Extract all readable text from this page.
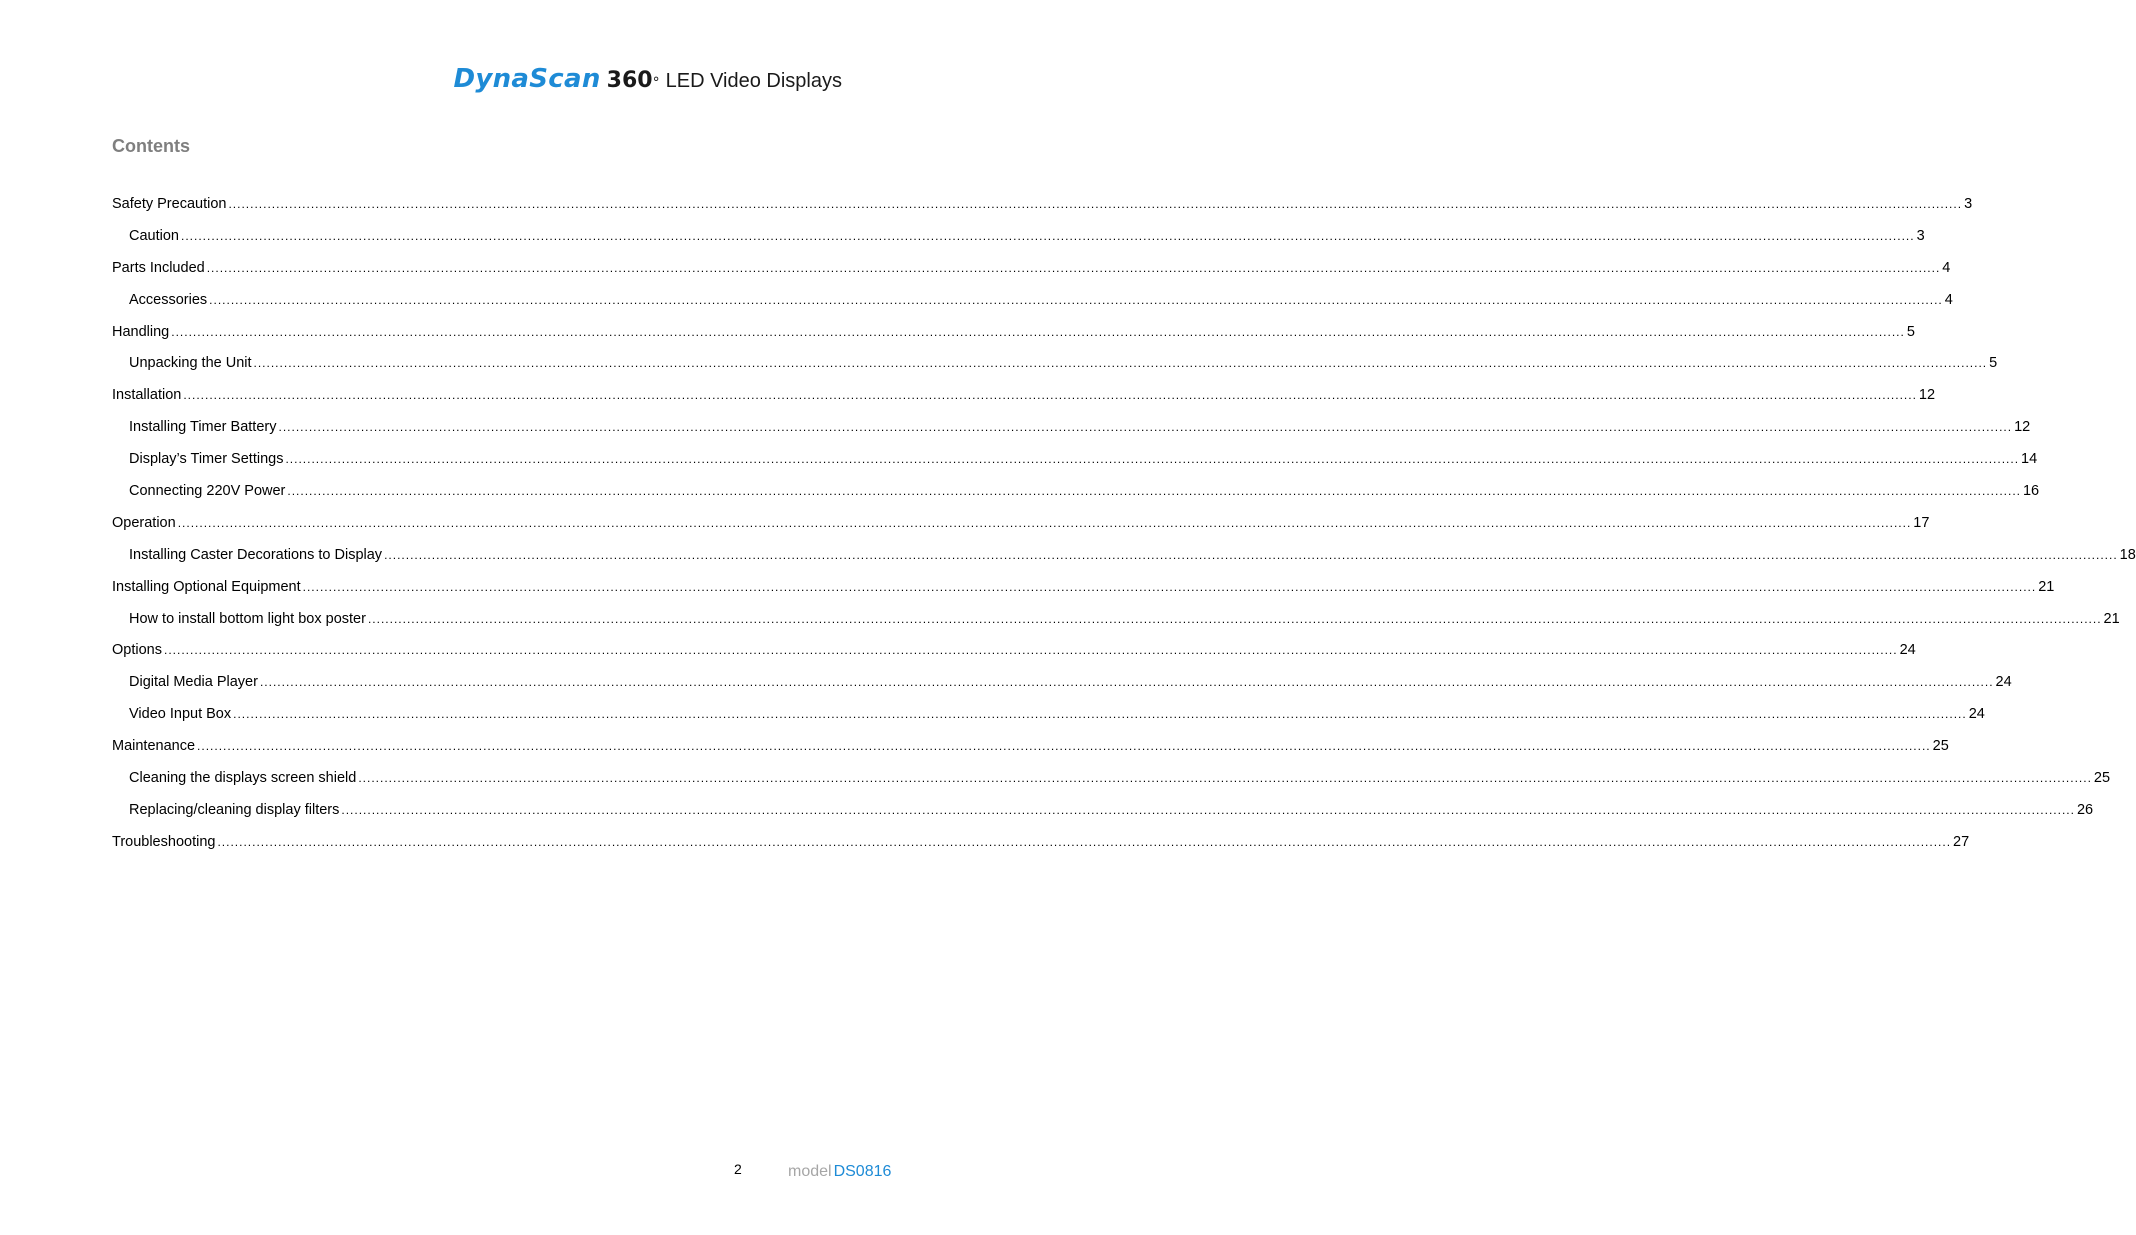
DynaScan 360 ° LED Video Displays
Contents
Safety Precaution ................................................................................................................................................................................................................................................................................................................................................................................................................ 3
Caution ................................................................................................................................................................................................................................................................................................................................................................................................................ 3
Parts Included ................................................................................................................................................................................................................................................................................................................................................................................................................ 4
Accessories ................................................................................................................................................................................................................................................................................................................................................................................................................ 4
Handling ................................................................................................................................................................................................................................................................................................................................................................................................................ 5
Unpacking the Unit ................................................................................................................................................................................................................................................................................................................................................................................................................ 5
Installation ................................................................................................................................................................................................................................................................................................................................................................................................................ 12
Installing Timer Battery ................................................................................................................................................................................................................................................................................................................................................................................................................ 12
Display’s Timer Settings ................................................................................................................................................................................................................................................................................................................................................................................................................ 14
Connecting 220V Power ................................................................................................................................................................................................................................................................................................................................................................................................................ 16
Operation ................................................................................................................................................................................................................................................................................................................................................................................................................ 17
Installing Caster Decorations to Display ................................................................................................................................................................................................................................................................................................................................................................................................................ 18
Installing Optional Equipment ................................................................................................................................................................................................................................................................................................................................................................................................................ 21
How to install bottom light box poster ................................................................................................................................................................................................................................................................................................................................................................................................................ 21
Options ................................................................................................................................................................................................................................................................................................................................................................................................................ 24
Digital Media Player ................................................................................................................................................................................................................................................................................................................................................................................................................ 24
Video Input Box ................................................................................................................................................................................................................................................................................................................................................................................................................ 24
Maintenance ................................................................................................................................................................................................................................................................................................................................................................................................................ 25
Cleaning the displays screen shield ................................................................................................................................................................................................................................................................................................................................................................................................................ 25
Replacing/cleaning display filters ................................................................................................................................................................................................................................................................................................................................................................................................................ 26
Troubleshooting ................................................................................................................................................................................................................................................................................................................................................................................................................ 27
2	model DS0816
